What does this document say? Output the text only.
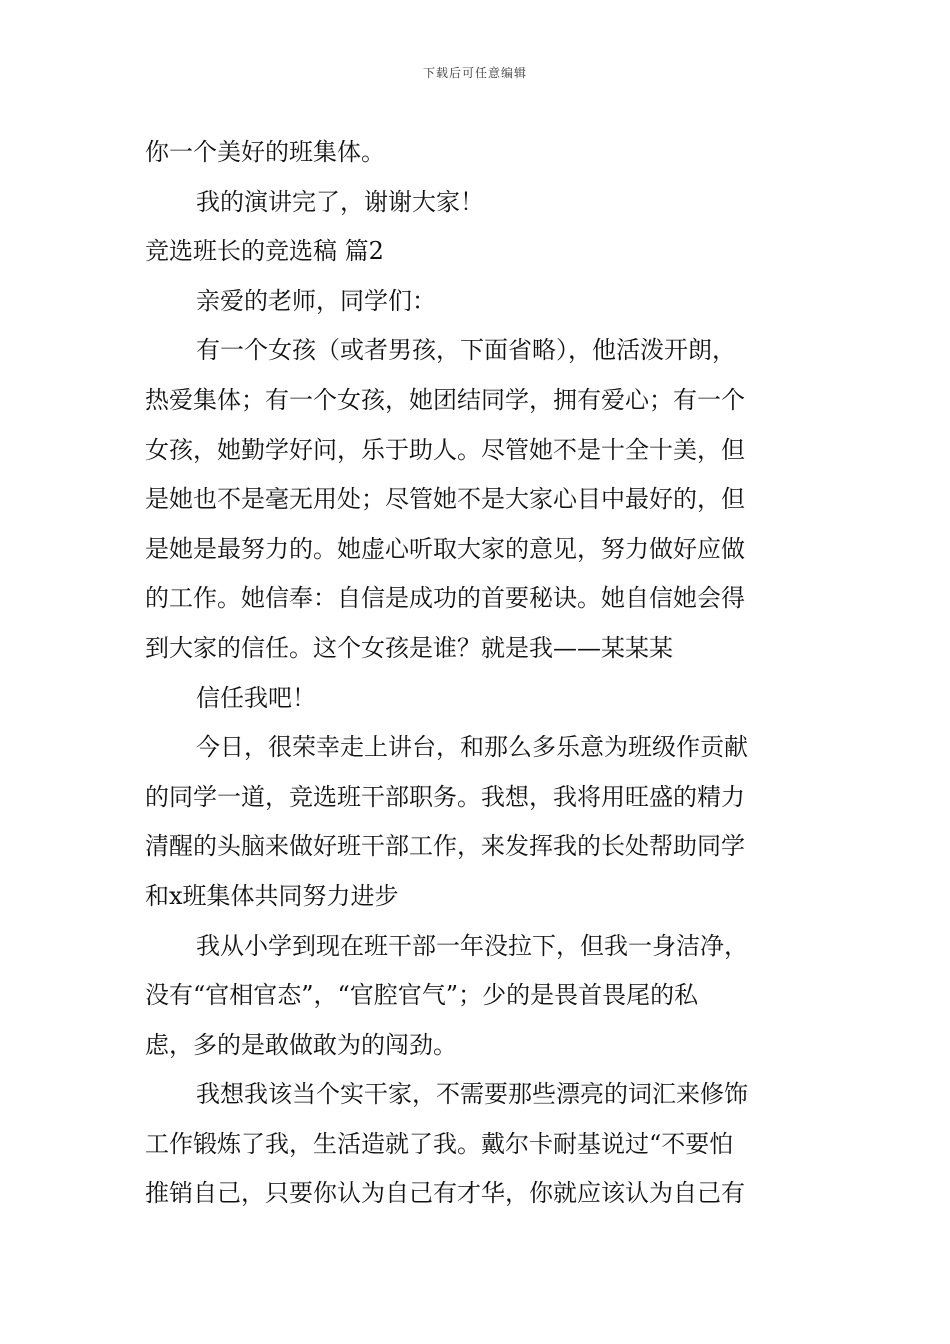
下载后可任意编辑
你一个美好的班集体。
我的演讲完了，谢谢大家！
竞选班长的竞选稿 篇2
亲爱的老师，同学们：
有一个女孩（或者男孩，下面省略），他活泼开朗，
热爱集体；有一个女孩，她团结同学，拥有爱心；有一个
女孩，她勤学好问，乐于助人。尽管她不是十全十美，但
是她也不是毫无用处；尽管她不是大家心目中最好的，但
是她是最努力的。她虚心听取大家的意见，努力做好应做
的工作。她信奉：自信是成功的首要秘诀。她自信她会得
到大家的信任。这个女孩是谁？就是我——某某某
信任我吧！
今日，很荣幸走上讲台，和那么多乐意为班级作贡献
的同学一道，竞选班干部职务。我想，我将用旺盛的精力
清醒的头脑来做好班干部工作，来发挥我的长处帮助同学
和x班集体共同努力进步
我从小学到现在班干部一年没拉下，但我一身洁净，
没有“官相官态”，“官腔官气”；少的是畏首畏尾的私
虑，多的是敢做敢为的闯劲。
我想我该当个实干家，不需要那些漂亮的词汇来修饰
工作锻炼了我，生活造就了我。戴尔卡耐基说过“不要怕
推销自己，只要你认为自己有才华，你就应该认为自己有
